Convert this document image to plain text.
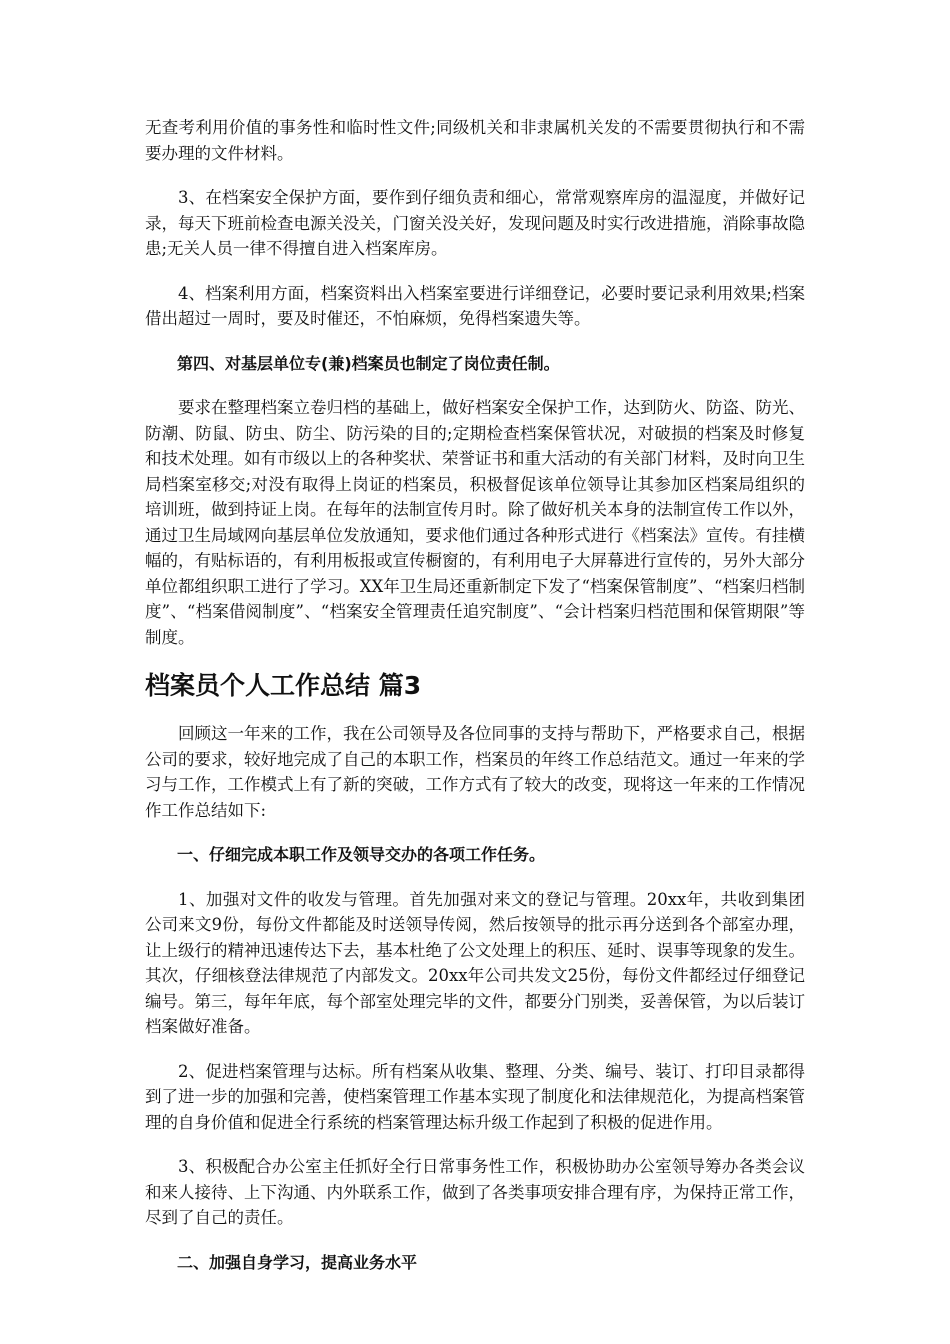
无查考利用价值的事务性和临时性文件;同级机关和非隶属机关发的不需要贯彻执行和不需要办理的文件材料。

3、在档案安全保护方面，要作到仔细负责和细心，常常观察库房的温湿度，并做好记录，每天下班前检查电源关没关，门窗关没关好，发现问题及时实行改进措施，消除事故隐患;无关人员一律不得擅自进入档案库房。

4、档案利用方面，档案资料出入档案室要进行详细登记，必要时要记录利用效果;档案借出超过一周时，要及时催还，不怕麻烦，免得档案遗失等。

第四、对基层单位专(兼)档案员也制定了岗位责任制。

要求在整理档案立卷归档的基础上，做好档案安全保护工作，达到防火、防盗、防光、防潮、防鼠、防虫、防尘、防污染的目的;定期检查档案保管状况，对破损的档案及时修复和技术处理。如有市级以上的各种奖状、荣誉证书和重大活动的有关部门材料，及时向卫生局档案室移交;对没有取得上岗证的档案员，积极督促该单位领导让其参加区档案局组织的培训班，做到持证上岗。在每年的法制宣传月时。除了做好机关本身的法制宣传工作以外，通过卫生局域网向基层单位发放通知，要求他们通过各种形式进行《档案法》宣传。有挂横幅的，有贴标语的，有利用板报或宣传橱窗的，有利用电子大屏幕进行宣传的，另外大部分单位都组织职工进行了学习。XX年卫生局还重新制定下发了“档案保管制度”、“档案归档制度”、“档案借阅制度”、“档案安全管理责任追究制度”、“会计档案归档范围和保管期限”等制度。

档案员个人工作总结 篇3

回顾这一年来的工作，我在公司领导及各位同事的支持与帮助下，严格要求自己，根据公司的要求，较好地完成了自己的本职工作，档案员的年终工作总结范文。通过一年来的学习与工作，工作模式上有了新的突破，工作方式有了较大的改变，现将这一年来的工作情况作工作总结如下:

一、仔细完成本职工作及领导交办的各项工作任务。

1、加强对文件的收发与管理。首先加强对来文的登记与管理。20xx年，共收到集团公司来文9份，每份文件都能及时送领导传阅，然后按领导的批示再分送到各个部室办理，让上级行的精神迅速传达下去，基本杜绝了公文处理上的积压、延时、误事等现象的发生。其次，仔细核登法律规范了内部发文。20xx年公司共发文25份，每份文件都经过仔细登记编号。第三，每年年底，每个部室处理完毕的文件，都要分门别类，妥善保管，为以后装订档案做好准备。

2、促进档案管理与达标。所有档案从收集、整理、分类、编号、装订、打印目录都得到了进一步的加强和完善，使档案管理工作基本实现了制度化和法律规范化，为提高档案管理的自身价值和促进全行系统的档案管理达标升级工作起到了积极的促进作用。

3、积极配合办公室主任抓好全行日常事务性工作，积极协助办公室领导筹办各类会议和来人接待、上下沟通、内外联系工作，做到了各类事项安排合理有序，为保持正常工作，尽到了自己的责任。

二、加强自身学习，提高业务水平
